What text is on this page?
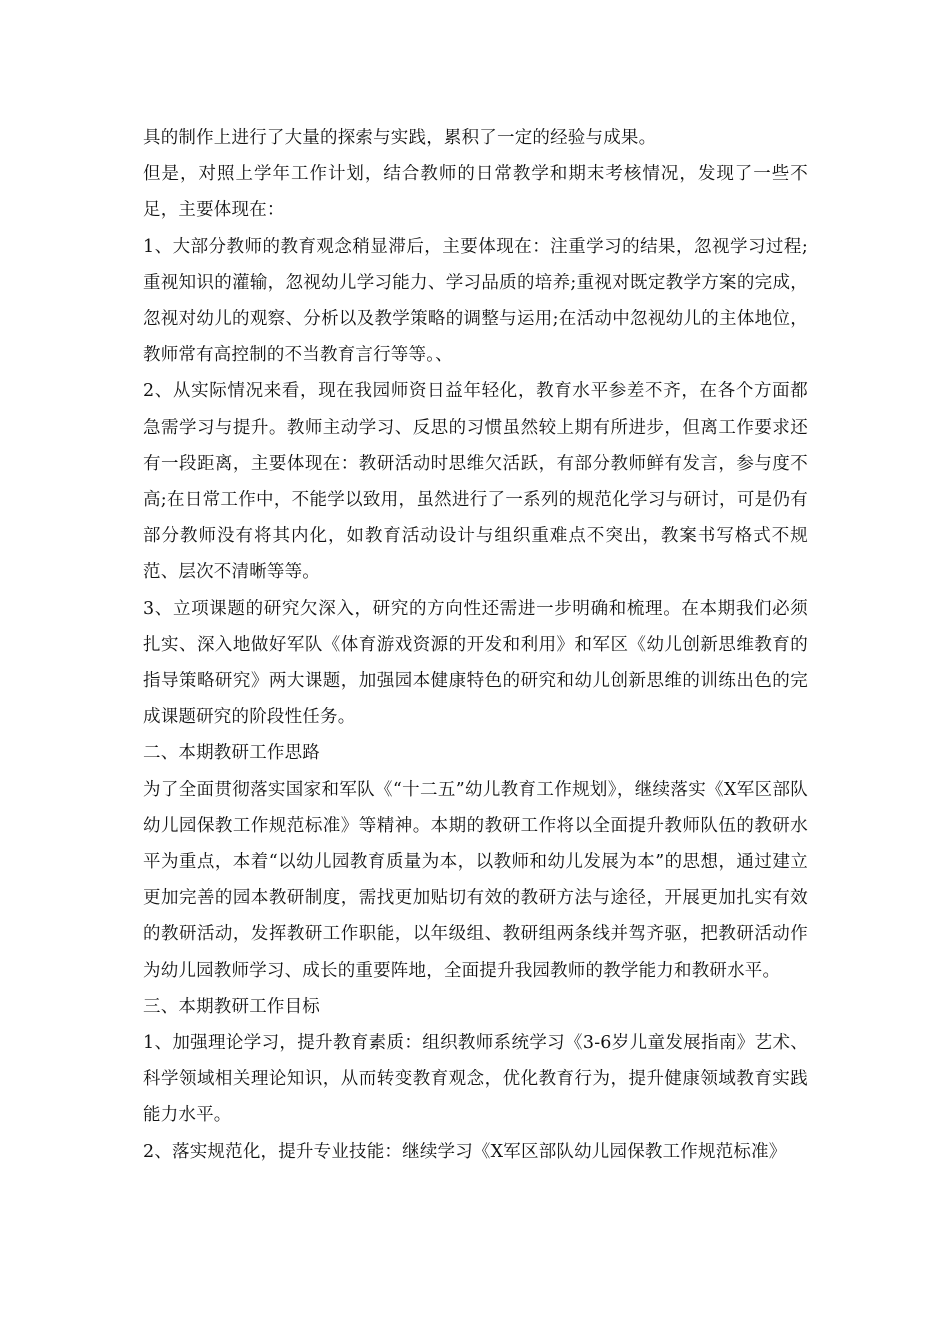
具的制作上进行了大量的探索与实践，累积了一定的经验与成果。

但是，对照上学年工作计划，结合教师的日常教学和期末考核情况，发现了一些不足，主要体现在：

1、大部分教师的教育观念稍显滞后，主要体现在：注重学习的结果，忽视学习过程;重视知识的灌输，忽视幼儿学习能力、学习品质的培养;重视对既定教学方案的完成，忽视对幼儿的观察、分析以及教学策略的调整与运用;在活动中忽视幼儿的主体地位，教师常有高控制的不当教育言行等等。、

2、从实际情况来看，现在我园师资日益年轻化，教育水平参差不齐，在各个方面都急需学习与提升。教师主动学习、反思的习惯虽然较上期有所进步，但离工作要求还有一段距离，主要体现在：教研活动时思维欠活跃，有部分教师鲜有发言，参与度不高;在日常工作中，不能学以致用，虽然进行了一系列的规范化学习与研讨，可是仍有部分教师没有将其内化，如教育活动设计与组织重难点不突出，教案书写格式不规范、层次不清晰等等。

3、立项课题的研究欠深入，研究的方向性还需进一步明确和梳理。在本期我们必须扎实、深入地做好军队《体育游戏资源的开发和利用》和军区《幼儿创新思维教育的指导策略研究》两大课题，加强园本健康特色的研究和幼儿创新思维的训练出色的完成课题研究的阶段性任务。

二、本期教研工作思路

为了全面贯彻落实国家和军队《“十二五”幼儿教育工作规划》，继续落实《X军区部队幼儿园保教工作规范标准》等精神。本期的教研工作将以全面提升教师队伍的教研水平为重点，本着“以幼儿园教育质量为本，以教师和幼儿发展为本”的思想，通过建立更加完善的园本教研制度，需找更加贴切有效的教研方法与途径，开展更加扎实有效的教研活动，发挥教研工作职能，以年级组、教研组两条线并驾齐驱，把教研活动作为幼儿园教师学习、成长的重要阵地，全面提升我园教师的教学能力和教研水平。

三、本期教研工作目标

1、加强理论学习，提升教育素质：组织教师系统学习《3-6岁儿童发展指南》艺术、科学领域相关理论知识，从而转变教育观念，优化教育行为，提升健康领域教育实践能力水平。

2、落实规范化，提升专业技能：继续学习《X军区部队幼儿园保教工作规范标准》
